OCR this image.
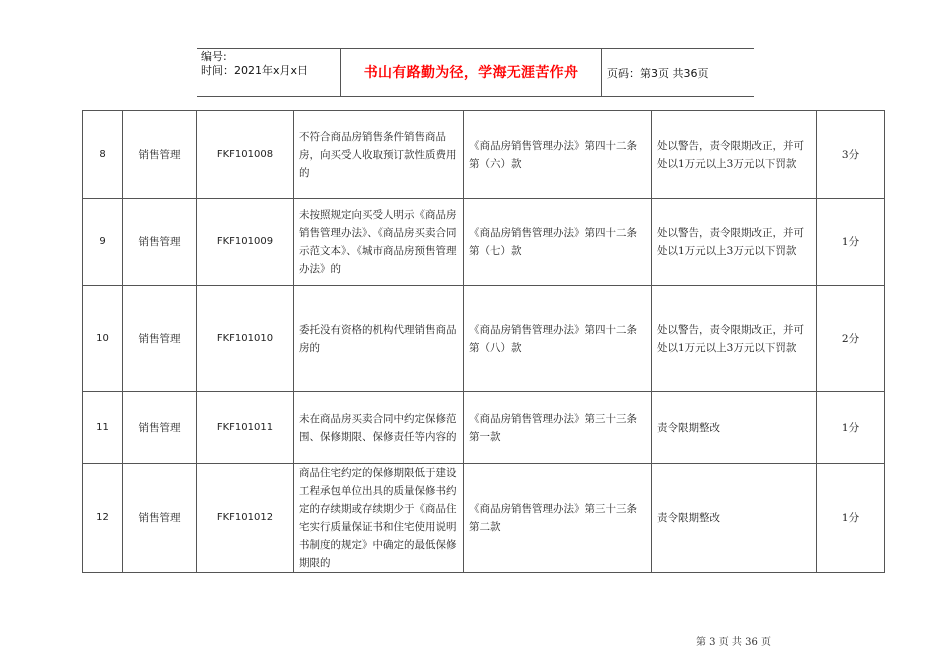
编号:
时间：2021年x月x日	书山有路勤为径，学海无涯苦作舟	页码：第3页 共36页
8	销售管理	FKF101008	不符合商品房销售条件销售商品房，向买受人收取预订款性质费用的	《商品房销售管理办法》第四十二条第（六）款	处以警告，责令限期改正，并可处以1万元以上3万元以下罚款	3分
9	销售管理	FKF101009	未按照规定向买受人明示《商品房销售管理办法》、《商品房买卖合同示范文本》、《城市商品房预售管理办法》的	《商品房销售管理办法》第四十二条第（七）款	处以警告，责令限期改正，并可处以1万元以上3万元以下罚款	1分
10	销售管理	FKF101010	委托没有资格的机构代理销售商品房的	《商品房销售管理办法》第四十二条第（八）款	处以警告，责令限期改正，并可处以1万元以上3万元以下罚款	2分
11	销售管理	FKF101011	未在商品房买卖合同中约定保修范围、保修期限、保修责任等内容的	《商品房销售管理办法》第三十三条第一款	责令限期整改	1分
12	销售管理	FKF101012	商品住宅约定的保修期限低于建设工程承包单位出具的质量保修书约定的存续期或存续期少于《商品住宅实行质量保证书和住宅使用说明书制度的规定》中确定的最低保修期限的	《商品房销售管理办法》第三十三条第二款	责令限期整改	1分
第 3 页 共 36 页
